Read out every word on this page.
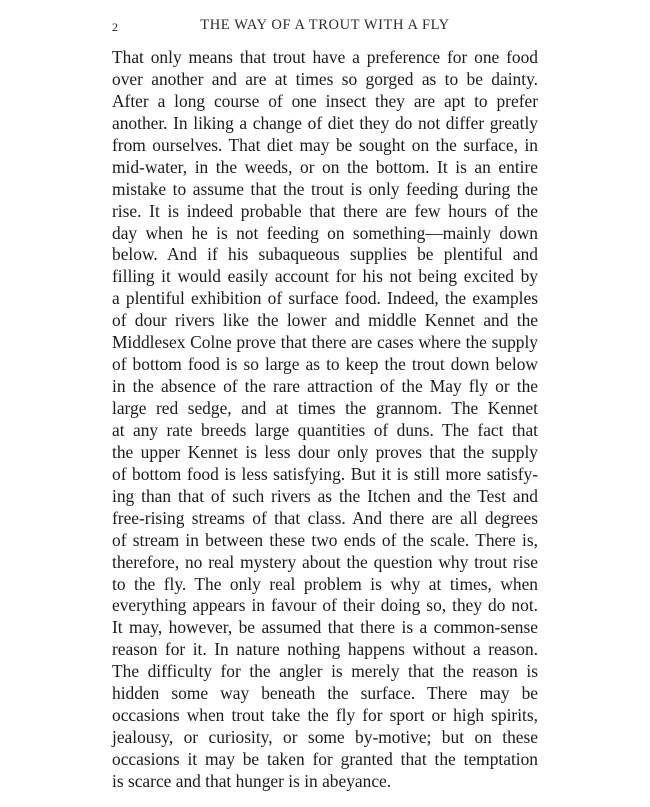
2	THE WAY OF A TROUT WITH A FLY
That only means that trout have a preference for one food
over another and are at times so gorged as to be dainty.
After a long course of one insect they are apt to prefer
another. In liking a change of diet they do not differ greatly
from ourselves. That diet may be sought on the surface, in
mid-water, in the weeds, or on the bottom. It is an entire
mistake to assume that the trout is only feeding during the
rise. It is indeed probable that there are few hours of the
day when he is not feeding on something—mainly down
below. And if his subaqueous supplies be plentiful and
filling it would easily account for his not being excited by
a plentiful exhibition of surface food. Indeed, the examples
of dour rivers like the lower and middle Kennet and the
Middlesex Colne prove that there are cases where the supply
of bottom food is so large as to keep the trout down below
in the absence of the rare attraction of the May fly or the
large red sedge, and at times the grannom. The Kennet
at any rate breeds large quantities of duns. The fact that
the upper Kennet is less dour only proves that the supply
of bottom food is less satisfying. But it is still more satisfy-
ing than that of such rivers as the Itchen and the Test and
free-rising streams of that class. And there are all degrees
of stream in between these two ends of the scale. There is,
therefore, no real mystery about the question why trout rise
to the fly. The only real problem is why at times, when
everything appears in favour of their doing so, they do not.
It may, however, be assumed that there is a common-sense
reason for it. In nature nothing happens without a reason.
The difficulty for the angler is merely that the reason is
hidden some way beneath the surface. There may be
occasions when trout take the fly for sport or high spirits,
jealousy, or curiosity, or some by-motive; but on these
occasions it may be taken for granted that the temptation
is scarce and that hunger is in abeyance.
